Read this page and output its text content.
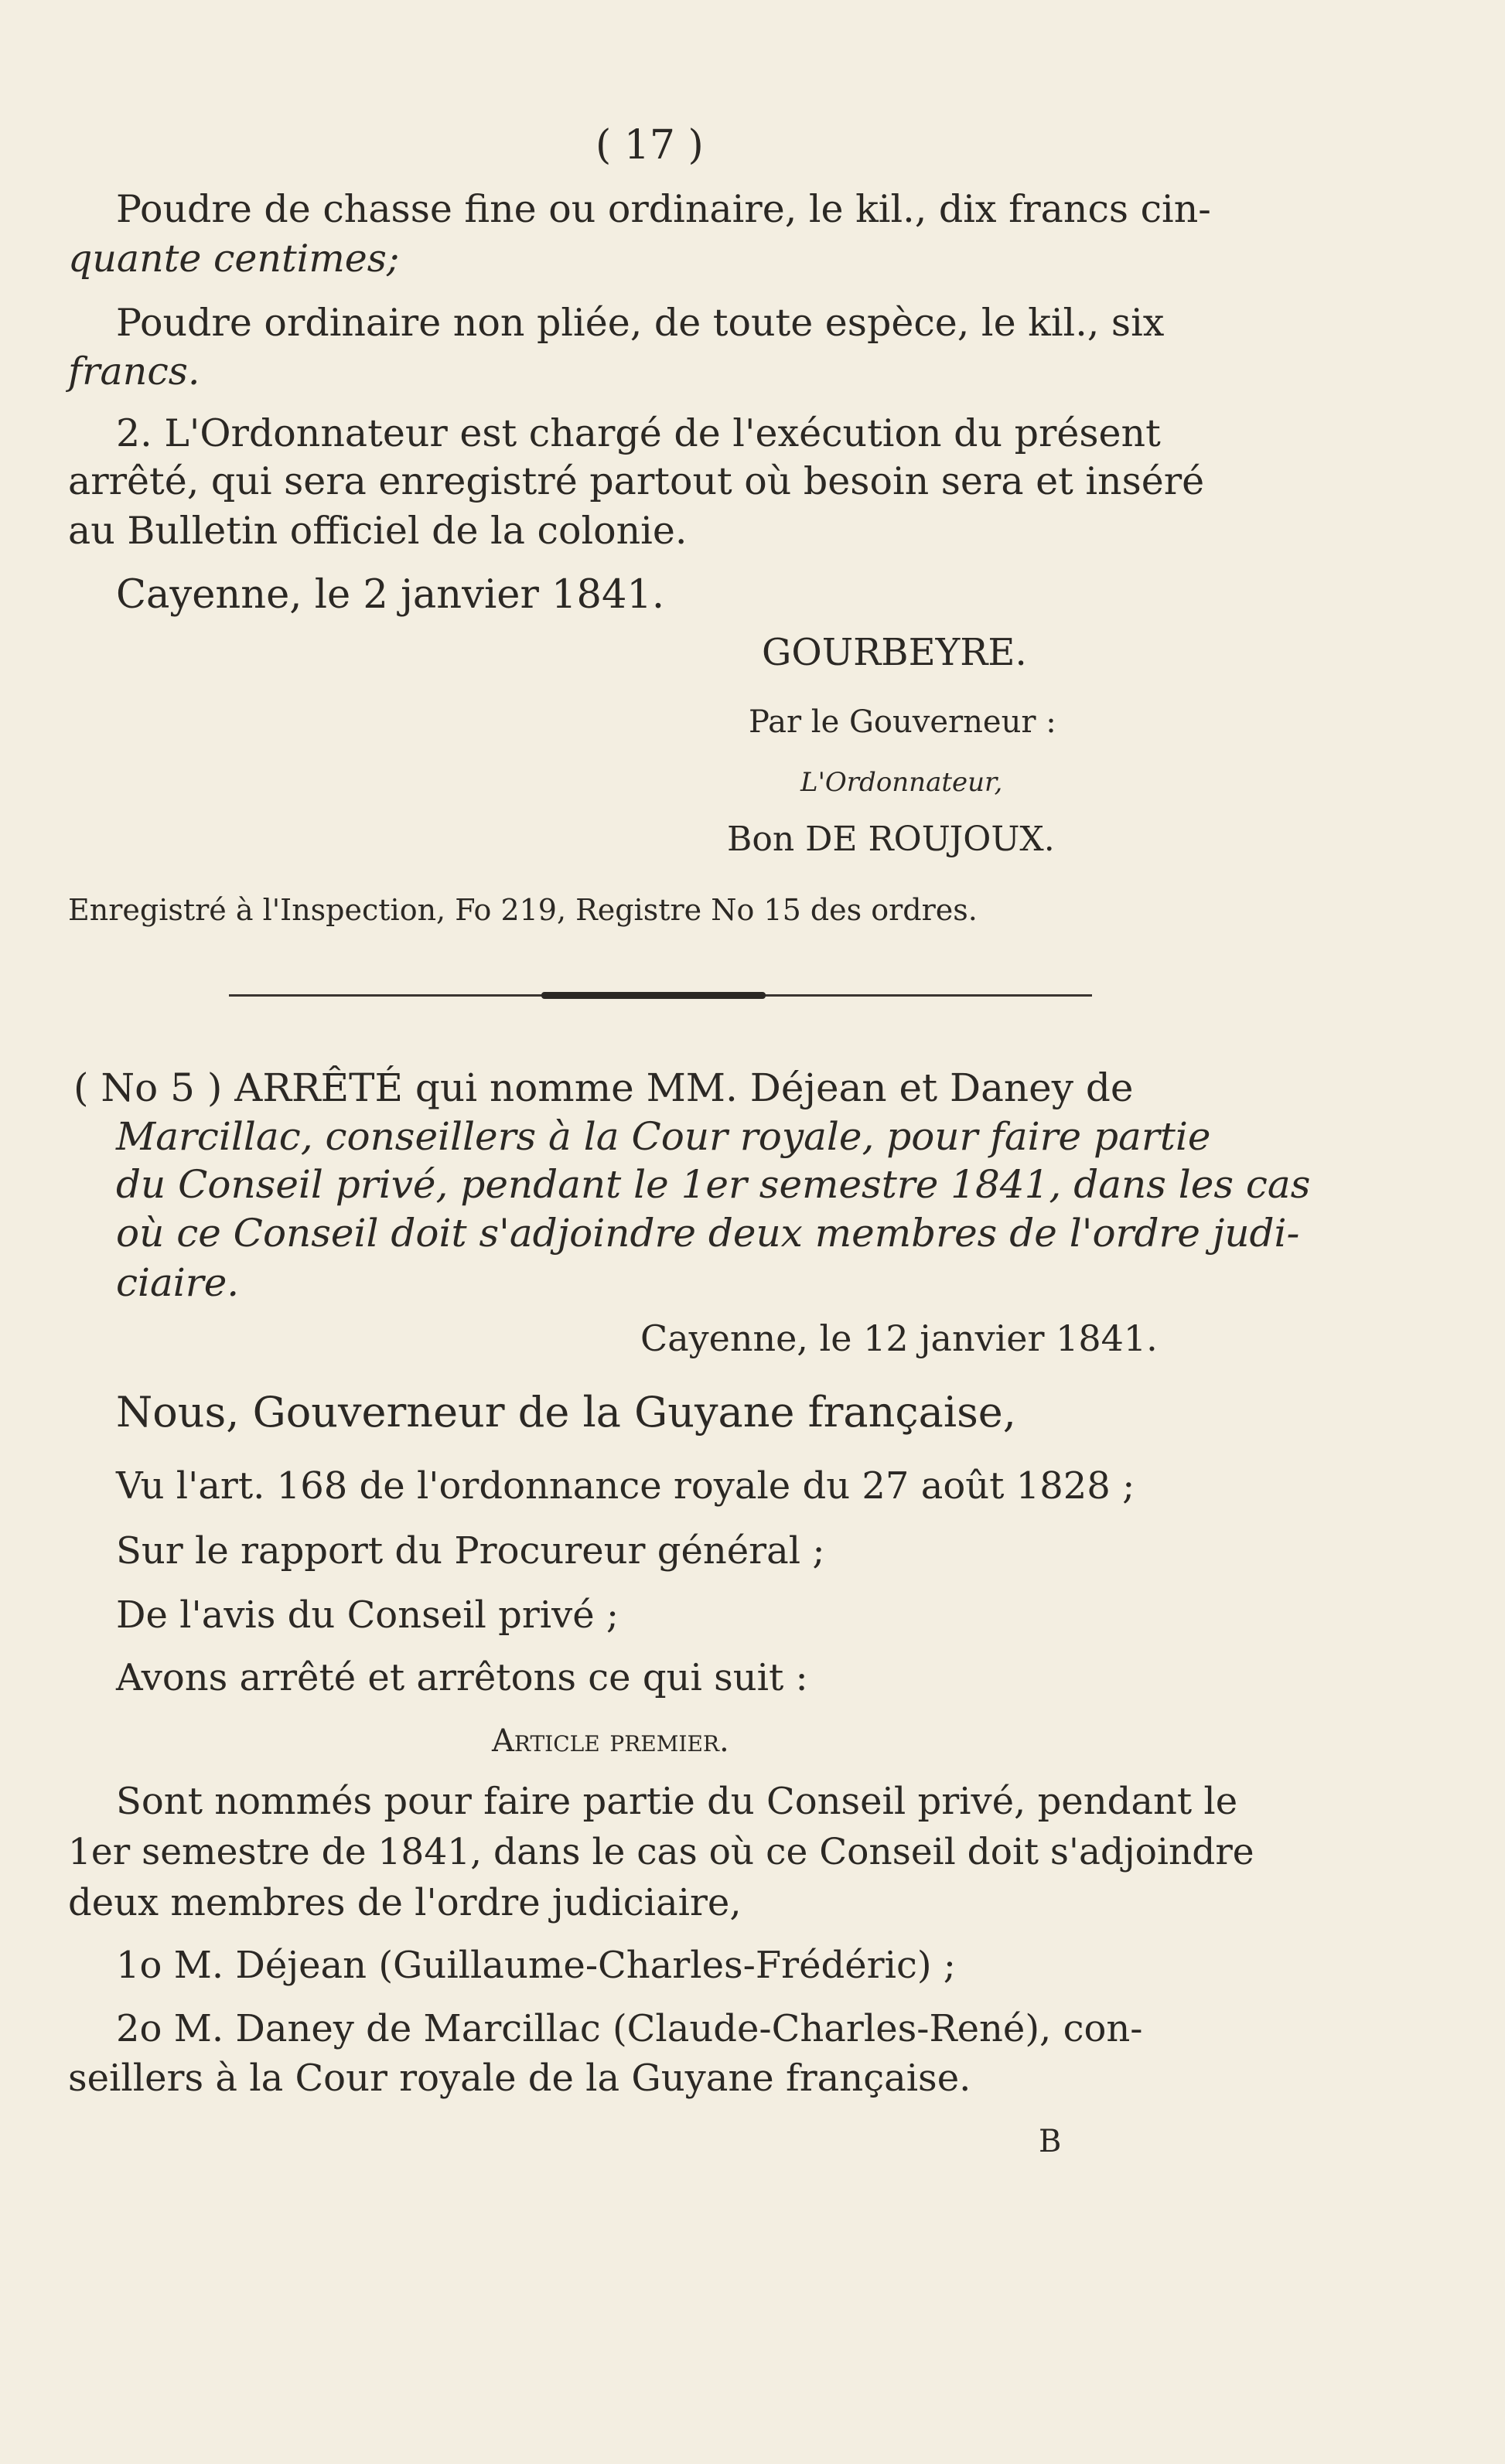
( 17 )
Poudre de chasse fine ou ordinaire, le kil., dix francs cin-
quante centimes;
Poudre ordinaire non pliée, de toute espèce, le kil., six
francs.
2. L'Ordonnateur est chargé de l'exécution du présent
arrêté, qui sera enregistré partout où besoin sera et inséré
au Bulletin officiel de la colonie.
Cayenne, le 2 janvier 1841.
GOURBEYRE.
Par le Gouverneur :
L'Ordonnateur,
Bon DE ROUJOUX.
Enregistré à l'Inspection, Fo 219, Registre No 15 des ordres.
( No 5 ) ARRÊTÉ qui nomme MM. Déjean et Daney de
Marcillac, conseillers à la Cour royale, pour faire partie
du Conseil privé, pendant le 1er semestre 1841, dans les cas
où ce Conseil doit s'adjoindre deux membres de l'ordre judi-
ciaire.
Cayenne, le 12 janvier 1841.
Nous, Gouverneur de la Guyane française,
Vu l'art. 168 de l'ordonnance royale du 27 août 1828 ;
Sur le rapport du Procureur général ;
De l'avis du Conseil privé ;
Avons arrêté et arrêtons ce qui suit :
Article premier.
Sont nommés pour faire partie du Conseil privé, pendant le
1er semestre de 1841, dans le cas où ce Conseil doit s'adjoindre
deux membres de l'ordre judiciaire,
1o M. Déjean (Guillaume-Charles-Frédéric) ;
2o M. Daney de Marcillac (Claude-Charles-René), con-
seillers à la Cour royale de la Guyane française.
B
